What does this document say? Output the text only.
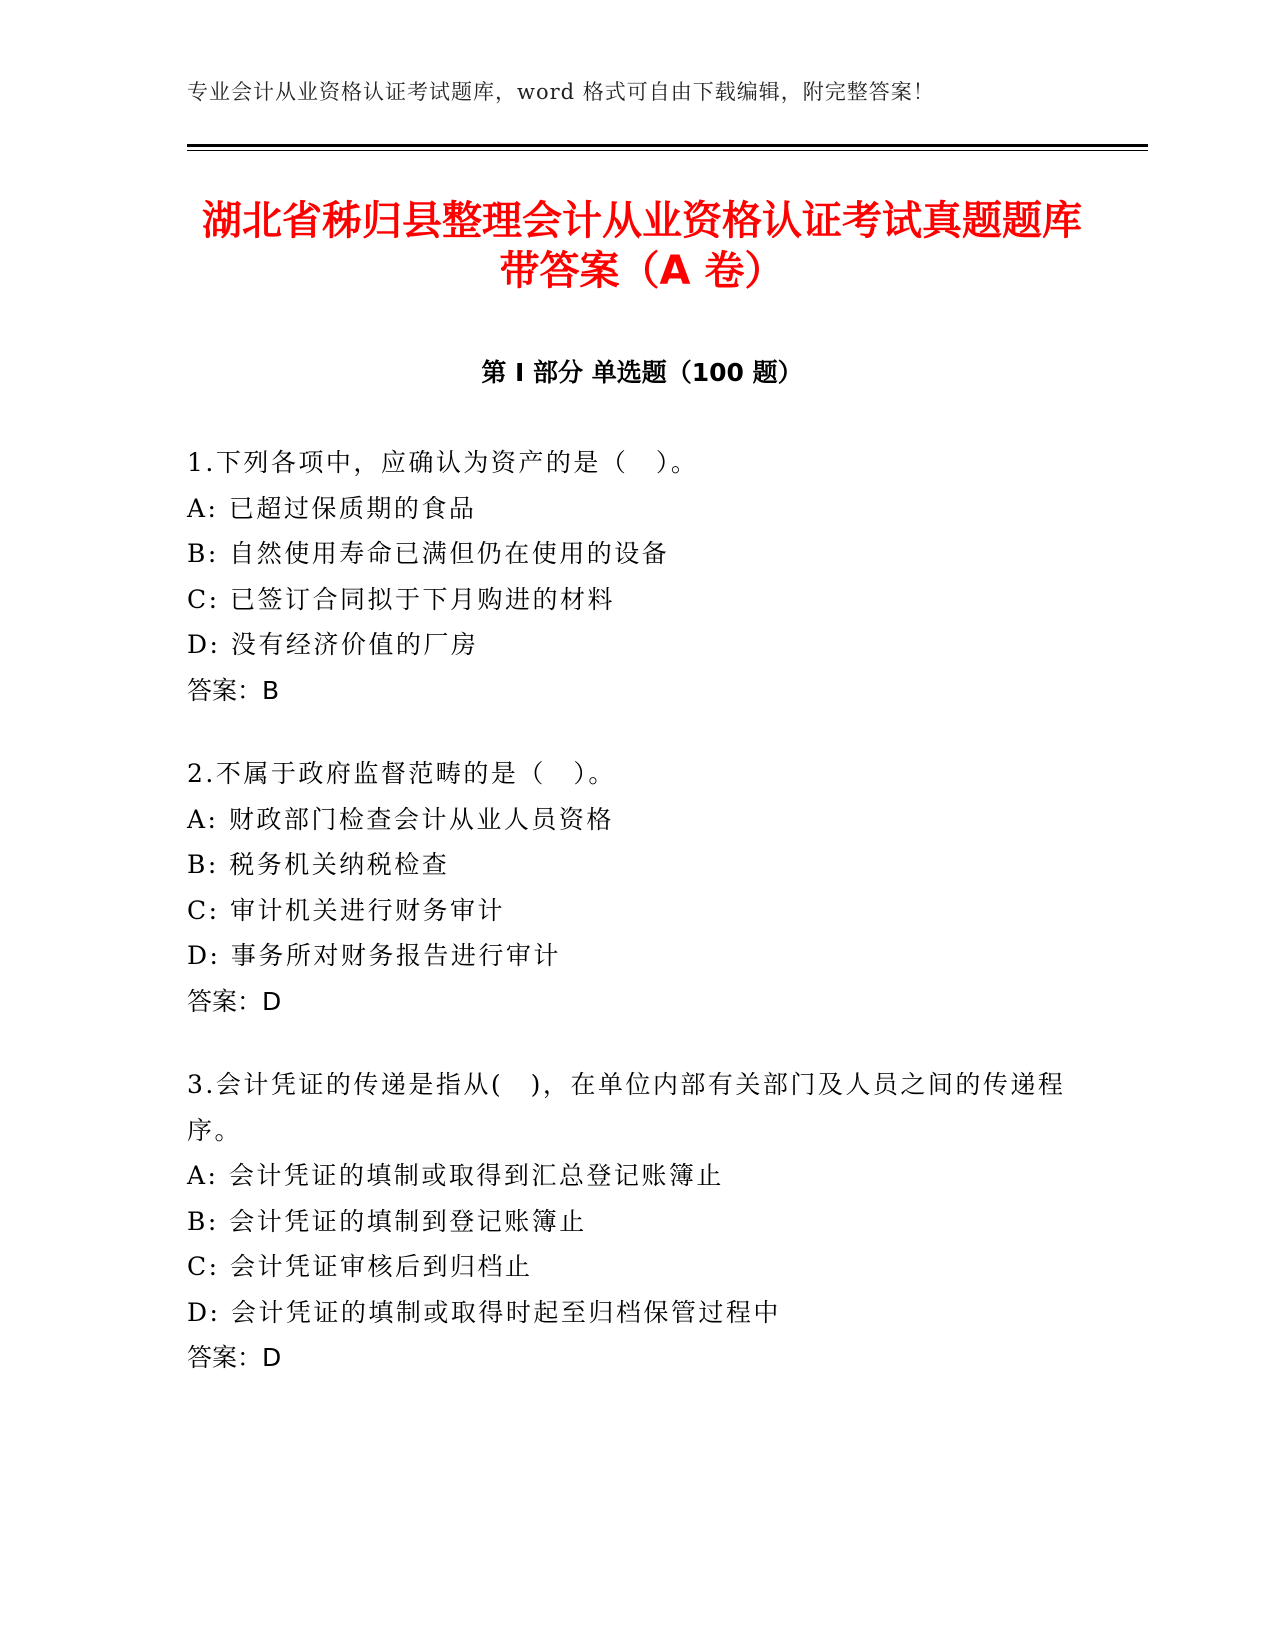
专业会计从业资格认证考试题库，word 格式可自由下载编辑，附完整答案！
湖北省秭归县整理会计从业资格认证考试真题题库带答案（A 卷）
第 I 部分 单选题（100 题）
1.下列各项中，应确认为资产的是（　）。
A: 已超过保质期的食品
B: 自然使用寿命已满但仍在使用的设备
C: 已签订合同拟于下月购进的材料
D: 没有经济价值的厂房
答案：B
2.不属于政府监督范畴的是（　）。
A: 财政部门检查会计从业人员资格
B: 税务机关纳税检查
C: 审计机关进行财务审计
D: 事务所对财务报告进行审计
答案：D
3.会计凭证的传递是指从(　)，在单位内部有关部门及人员之间的传递程序。
A: 会计凭证的填制或取得到汇总登记账簿止
B: 会计凭证的填制到登记账簿止
C: 会计凭证审核后到归档止
D: 会计凭证的填制或取得时起至归档保管过程中
答案：D
